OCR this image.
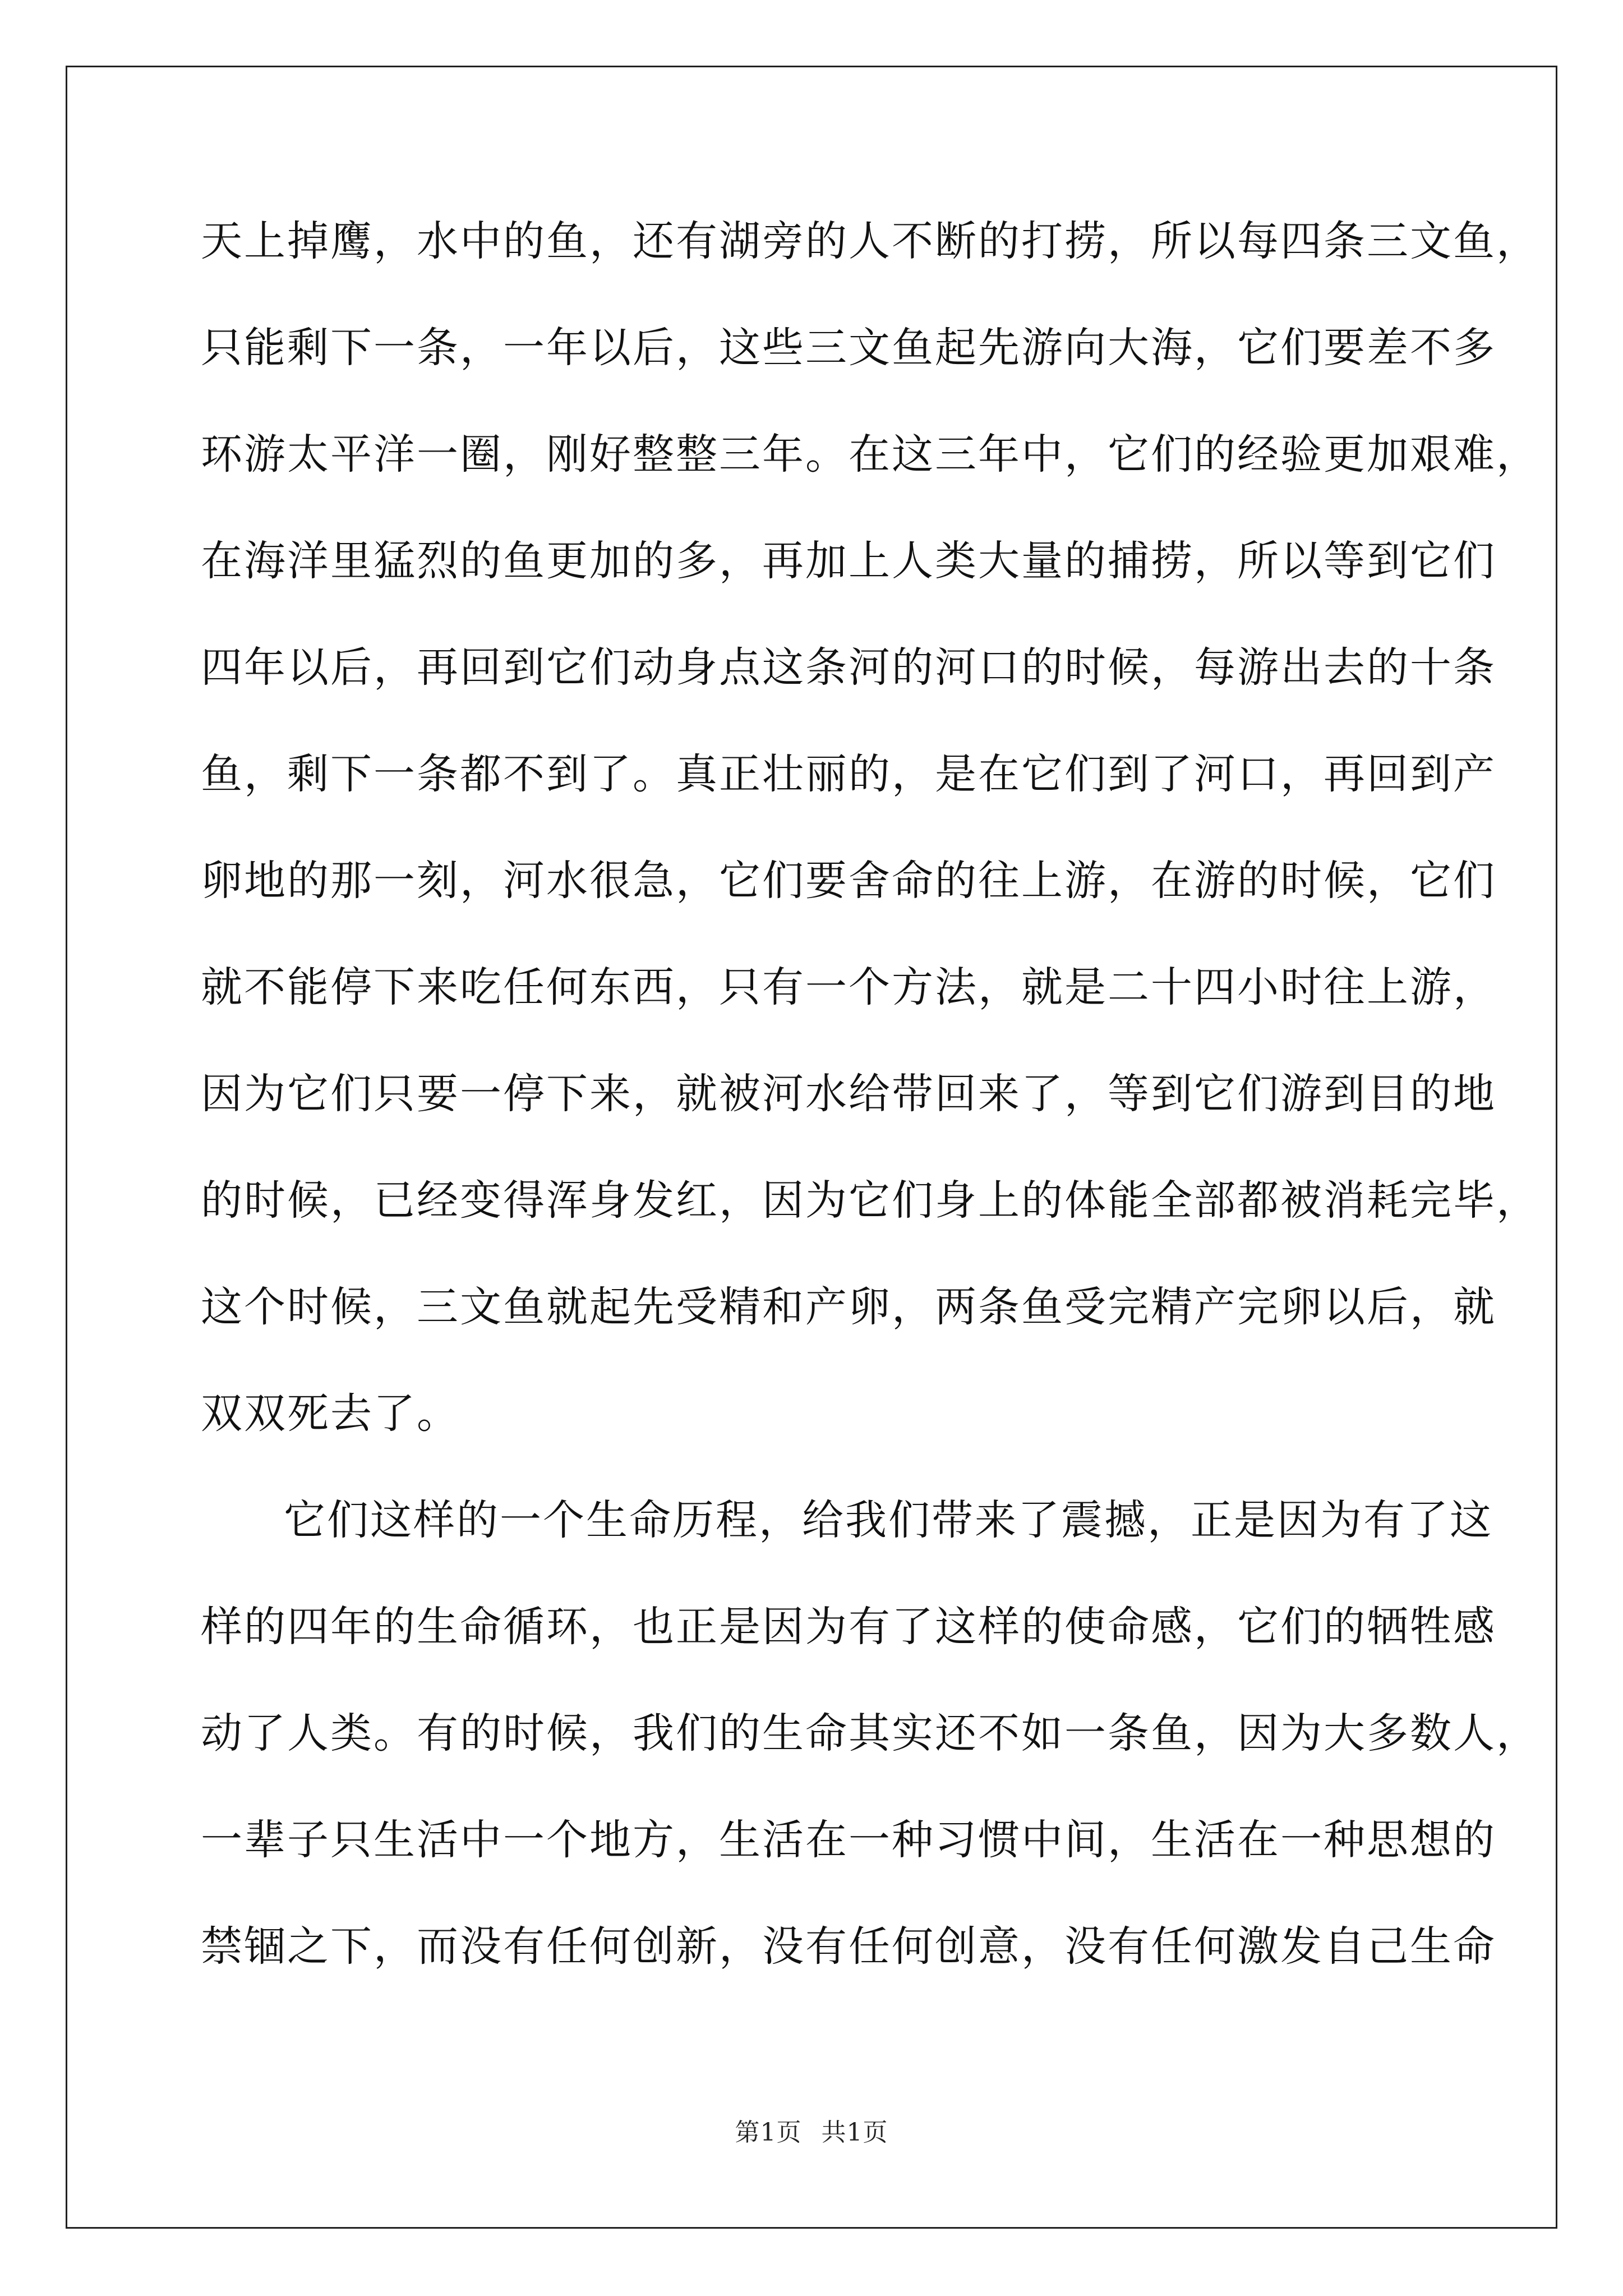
天上掉鹰，水中的鱼，还有湖旁的人不断的打捞，所以每四条三文鱼，
只能剩下一条，一年以后，这些三文鱼起先游向大海，它们要差不多
环游太平洋一圈，刚好整整三年。在这三年中，它们的经验更加艰难，
在海洋里猛烈的鱼更加的多，再加上人类大量的捕捞，所以等到它们
四年以后，再回到它们动身点这条河的河口的时候，每游出去的十条
鱼，剩下一条都不到了。真正壮丽的，是在它们到了河口，再回到产
卵地的那一刻，河水很急，它们要舍命的往上游，在游的时候，它们
就不能停下来吃任何东西，只有一个方法，就是二十四小时往上游，
因为它们只要一停下来，就被河水给带回来了，等到它们游到目的地
的时候，已经变得浑身发红，因为它们身上的体能全部都被消耗完毕，
这个时候，三文鱼就起先受精和产卵，两条鱼受完精产完卵以后，就
双双死去了。
它们这样的一个生命历程，给我们带来了震撼，正是因为有了这
样的四年的生命循环，也正是因为有了这样的使命感，它们的牺牲感
动了人类。有的时候，我们的生命其实还不如一条鱼，因为大多数人，
一辈子只生活中一个地方，生活在一种习惯中间，生活在一种思想的
禁锢之下，而没有任何创新，没有任何创意，没有任何激发自己生命
第1页 共1页
